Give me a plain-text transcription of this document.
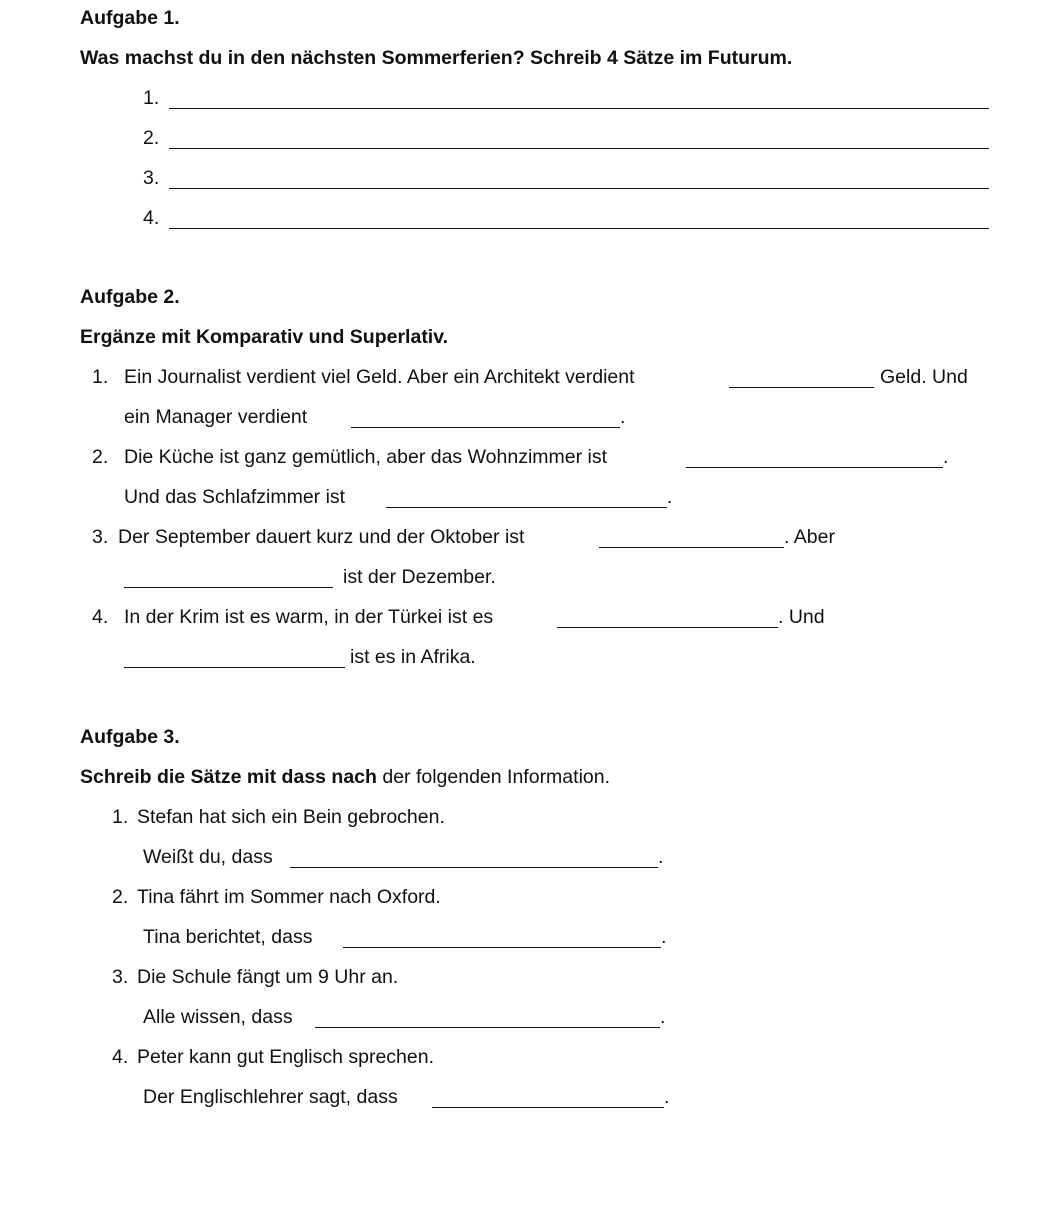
Aufgabe 1.
Was machst du in den nächsten Sommerferien? Schreib 4 Sätze im Futurum.
1.
2.
3.
4.
Aufgabe 2.
Ergänze mit Komparativ und Superlativ.
1. Ein Journalist verdient viel Geld. Aber ein Architekt verdient	Geld. Und
ein Manager verdient	.
2. Die Küche ist ganz gemütlich, aber das Wohnzimmer ist	.
Und das Schlafzimmer ist	.
3. Der September dauert kurz und der Oktober ist	. Aber
ist der Dezember.
4. In der Krim ist es warm, in der Türkei ist es	. Und
ist es in Afrika.
Aufgabe 3.
Schreib die Sätze mit dass nach der folgenden Information.
1. Stefan hat sich ein Bein gebrochen.
Weißt du, dass	.
2. Tina fährt im Sommer nach Oxford.
Tina berichtet, dass	.
3. Die Schule fängt um 9 Uhr an.
Alle wissen, dass	.
4. Peter kann gut Englisch sprechen.
Der Englischlehrer sagt, dass	.
